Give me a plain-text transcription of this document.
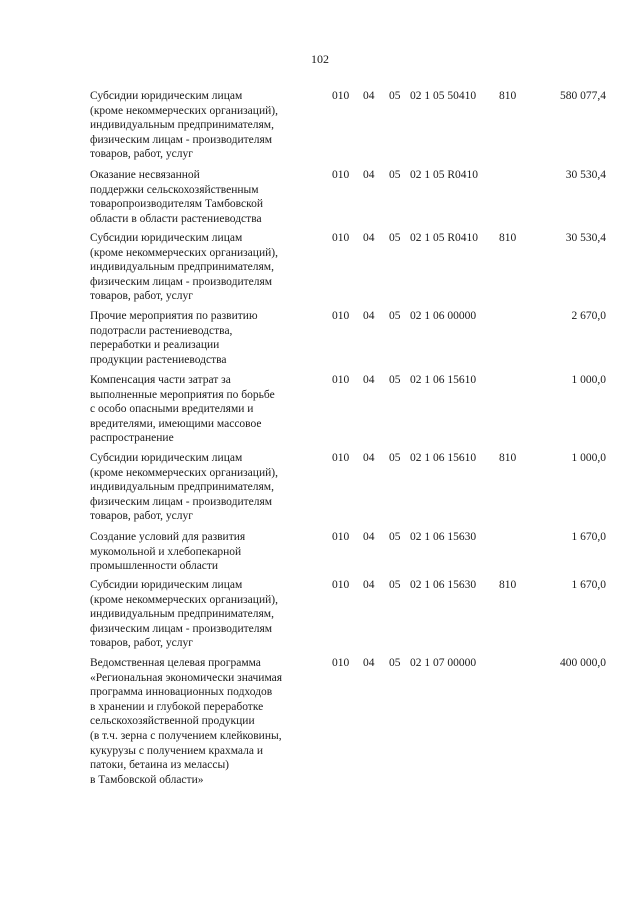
102
Субсидии юридическим лицам
(кроме некоммерческих организаций),
индивидуальным предпринимателям,
физическим лицам - производителям
товаров, работ, услуг
010 04 05 02 1 05 50410 810	580 077,4
Оказание несвязанной
поддержки сельскохозяйственным
товаропроизводителям Тамбовской
области в области растениеводства
010 04 05 02 1 05 R0410	30 530,4
Субсидии юридическим лицам
(кроме некоммерческих организаций),
индивидуальным предпринимателям,
физическим лицам - производителям
товаров, работ, услуг
010 04 05 02 1 05 R0410 810	30 530,4
Прочие мероприятия по развитию
подотрасли растениеводства,
переработки и реализации
продукции растениеводства
010 04 05 02 1 06 00000	2 670,0
Компенсация части затрат за
выполненные мероприятия по борьбе
с особо опасными вредителями и
вредителями, имеющими массовое
распространение
010 04 05 02 1 06 15610	1 000,0
Субсидии юридическим лицам
(кроме некоммерческих организаций),
индивидуальным предпринимателям,
физическим лицам - производителям
товаров, работ, услуг
010 04 05 02 1 06 15610 810	1 000,0
Создание условий для развития
мукомольной и хлебопекарной
промышленности области
010 04 05 02 1 06 15630	1 670,0
Субсидии юридическим лицам
(кроме некоммерческих организаций),
индивидуальным предпринимателям,
физическим лицам - производителям
товаров, работ, услуг
010 04 05 02 1 06 15630 810	1 670,0
Ведомственная целевая программа
«Региональная экономически значимая
программа инновационных подходов
в хранении и глубокой переработке
сельскохозяйственной продукции
(в т.ч. зерна с получением клейковины,
кукурузы с получением крахмала и
патоки, бетаина из мелассы)
в Тамбовской области»
010 04 05 02 1 07 00000	400 000,0
